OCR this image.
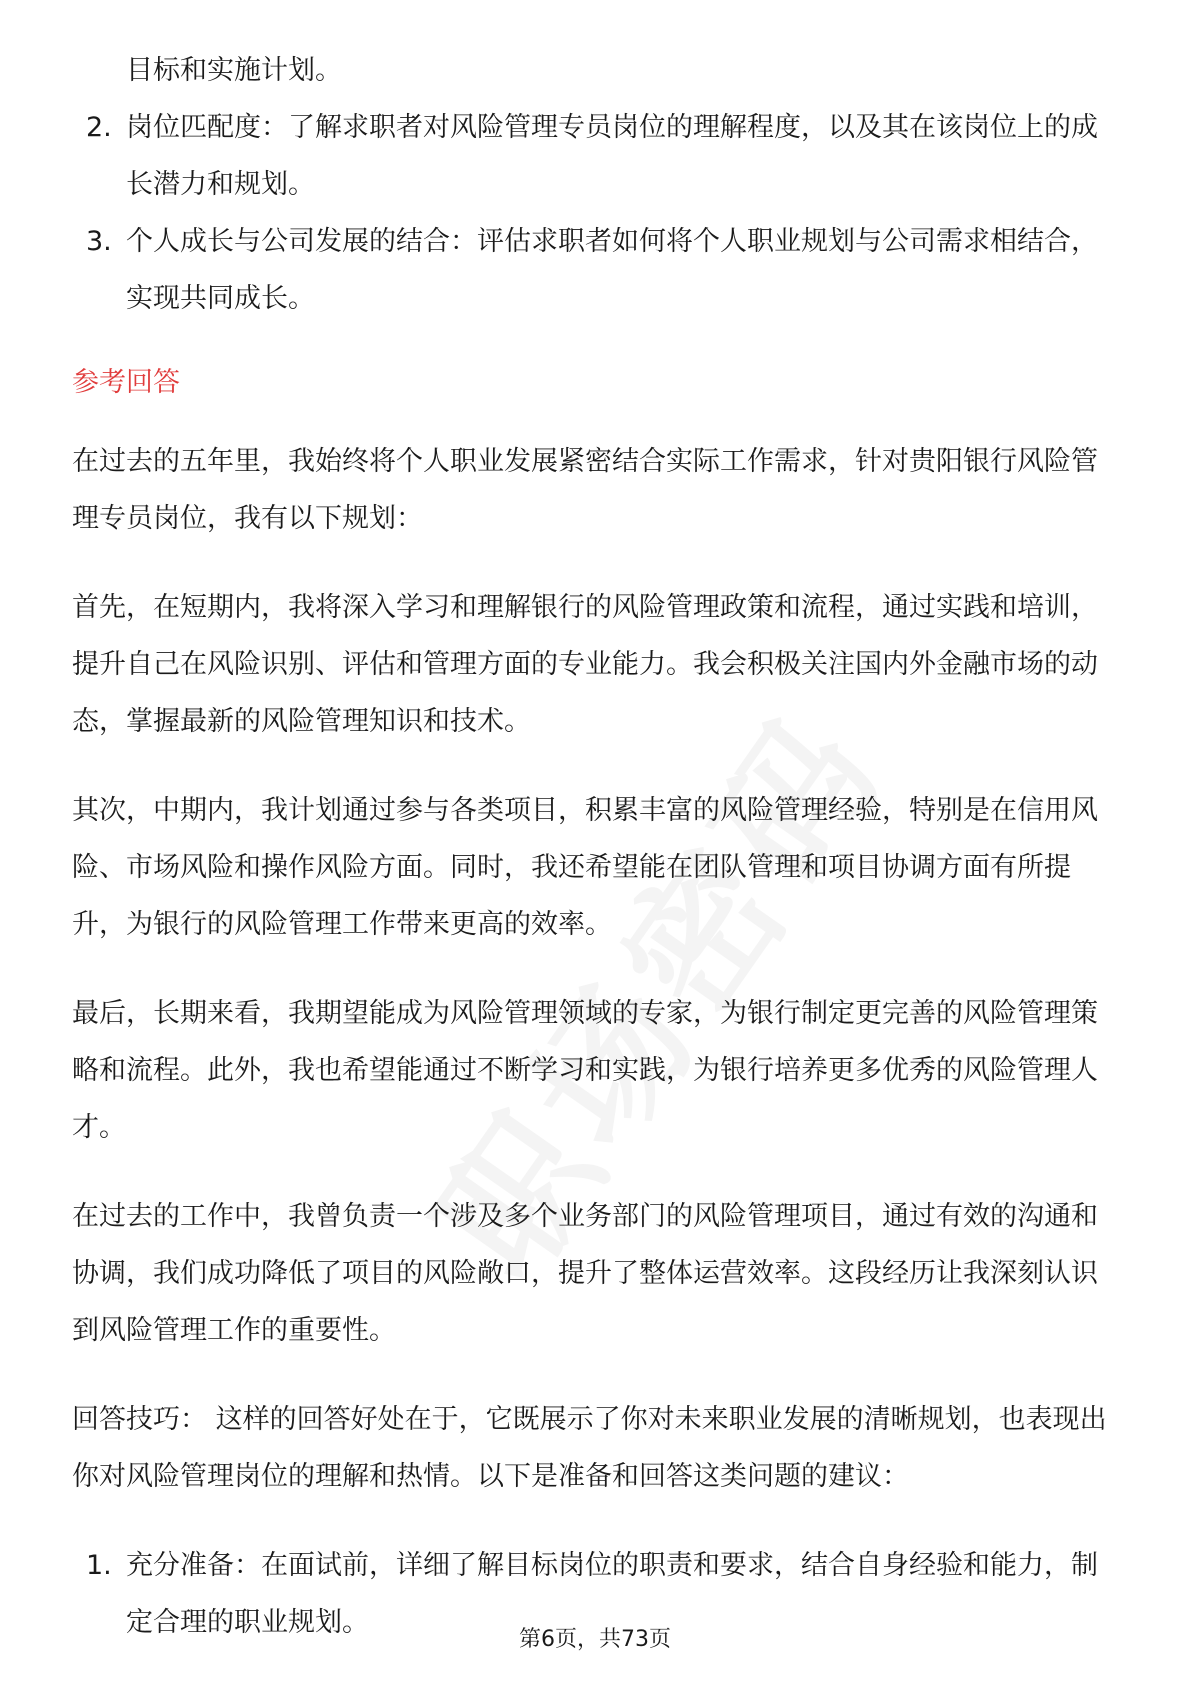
目标和实施计划。
2. 岗位匹配度：了解求职者对风险管理专员岗位的理解程度，以及其在该岗位上的成长潜力和规划。
3. 个人成长与公司发展的结合：评估求职者如何将个人职业规划与公司需求相结合，实现共同成长。
参考回答

在过去的五年里，我始终将个人职业发展紧密结合实际工作需求，针对贵阳银行风险管理专员岗位，我有以下规划：

首先，在短期内，我将深入学习和理解银行的风险管理政策和流程，通过实践和培训，提升自己在风险识别、评估和管理方面的专业能力。我会积极关注国内外金融市场的动态，掌握最新的风险管理知识和技术。

其次，中期内，我计划通过参与各类项目，积累丰富的风险管理经验，特别是在信用风险、市场风险和操作风险方面。同时，我还希望能在团队管理和项目协调方面有所提升，为银行的风险管理工作带来更高的效率。

最后，长期来看，我期望能成为风险管理领域的专家，为银行制定更完善的风险管理策略和流程。此外，我也希望能通过不断学习和实践，为银行培养更多优秀的风险管理人才。

在过去的工作中，我曾负责一个涉及多个业务部门的风险管理项目，通过有效的沟通和协调，我们成功降低了项目的风险敞口，提升了整体运营效率。这段经历让我深刻认识到风险管理工作的重要性。

回答技巧： 这样的回答好处在于，它既展示了你对未来职业发展的清晰规划，也表现出你对风险管理岗位的理解和热情。以下是准备和回答这类问题的建议：

1. 充分准备：在面试前，详细了解目标岗位的职责和要求，结合自身经验和能力，制定合理的职业规划。
第6页，共73页
